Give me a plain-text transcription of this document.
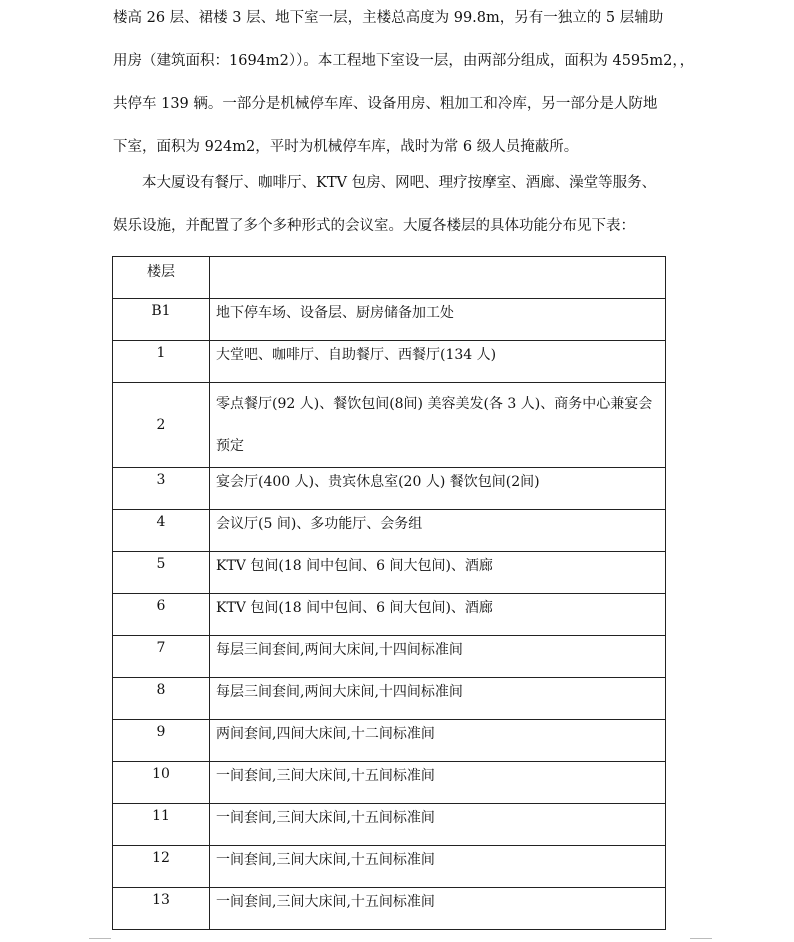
楼高 26 层、裙楼 3 层、地下室一层，主楼总高度为 99.8m，另有一独立的 5 层辅助
用房（建筑面积：1694m2））。本工程地下室设一层，由两部分组成，面积为 4595m2，，
共停车 139 辆。一部分是机械停车库、设备用房、粗加工和冷库，另一部分是人防地
下室，面积为 924m2，平时为机械停车库，战时为常 6 级人员掩蔽所。
本大厦设有餐厅、咖啡厅、KTV 包房、网吧、理疗按摩室、酒廊、澡堂等服务、
娱乐设施，并配置了多个多种形式的会议室。大厦各楼层的具体功能分布见下表：
楼层	

B1	地下停车场、设备层、厨房储备加工处

1	大堂吧、咖啡厅、自助餐厅、西餐厅(134 人)

2	零点餐厅(92 人)、餐饮包间(8间) 美容美发(各 3 人)、商务中心兼宴会预定

3	宴会厅(400 人)、贵宾休息室(20 人) 餐饮包间(2间)

4	会议厅(5 间)、多功能厅、会务组

5	KTV 包间(18 间中包间、6 间大包间)、酒廊

6	KTV 包间(18 间中包间、6 间大包间)、酒廊

7	每层三间套间,两间大床间,十四间标准间

8	每层三间套间,两间大床间,十四间标准间

9	两间套间,四间大床间,十二间标准间

10	一间套间,三间大床间,十五间标准间

11	一间套间,三间大床间,十五间标准间

12	一间套间,三间大床间,十五间标准间

13	一间套间,三间大床间,十五间标准间
